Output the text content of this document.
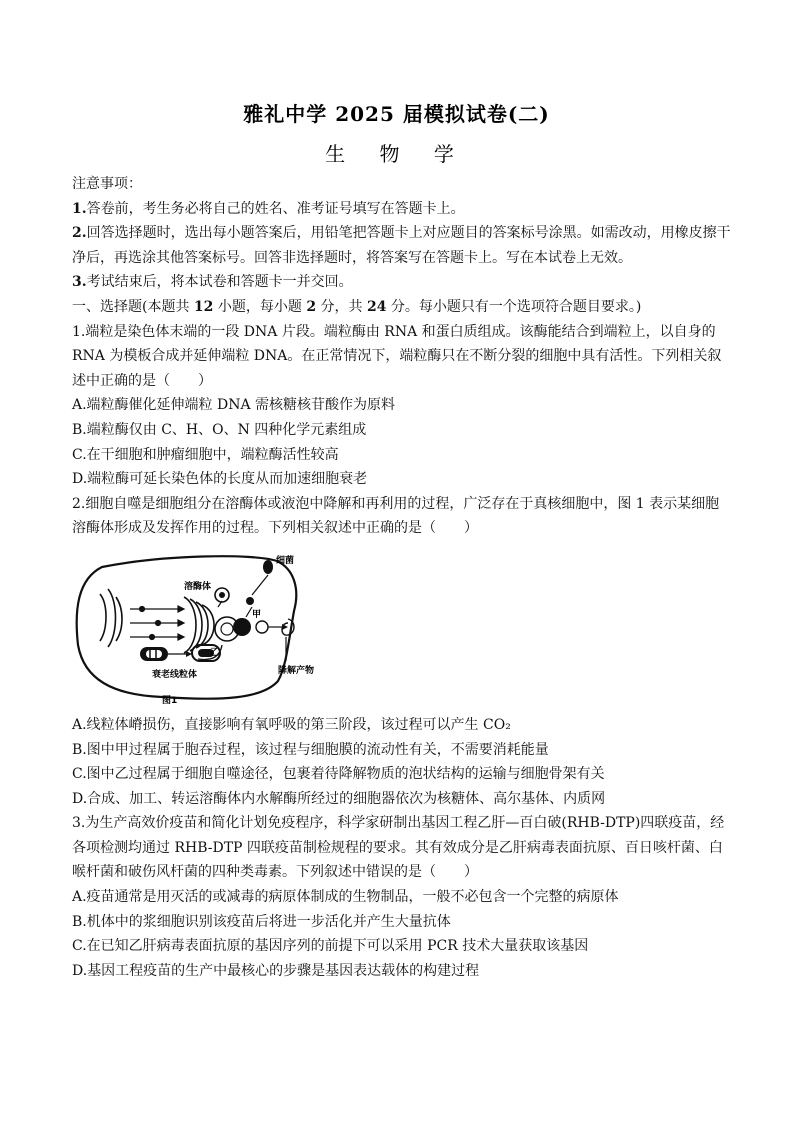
雅礼中学 2025 届模拟试卷(二)
生 物 学

注意事项：

1.答卷前，考生务必将自己的姓名、准考证号填写在答题卡上。

2.回答选择题时，选出每小题答案后，用铅笔把答题卡上对应题目的答案标号涂黑。如需改动，用橡皮擦干净后，再选涂其他答案标号。回答非选择题时，将答案写在答题卡上。写在本试卷上无效。

3.考试结束后，将本试卷和答题卡一并交回。

一、选择题(本题共 12 小题，每小题 2 分，共 24 分。每小题只有一个选项符合题目要求。)

1.端粒是染色体末端的一段 DNA 片段。端粒酶由 RNA 和蛋白质组成。该酶能结合到端粒上，以自身的 RNA 为模板合成并延伸端粒 DNA。在正常情况下，端粒酶只在不断分裂的细胞中具有活性。下列相关叙述中正确的是（　　）

A.端粒酶催化延伸端粒 DNA 需核糖核苷酸作为原料

B.端粒酶仅由 C、H、O、N 四种化学元素组成

C.在干细胞和肿瘤细胞中，端粒酶活性较高

D.端粒酶可延长染色体的长度从而加速细胞衰老

2.细胞自噬是细胞组分在溶酶体或液泡中降解和再利用的过程，广泛存在于真核细胞中，图 1 表示某细胞溶酶体形成及发挥作用的过程。下列相关叙述中正确的是（　　）

溶酶体
细菌
甲
乙
降解产物
衰老线粒体
图1

A.线粒体嵴损伤，直接影响有氧呼吸的第三阶段，该过程可以产生 CO₂

B.图中甲过程属于胞吞过程，该过程与细胞膜的流动性有关，不需要消耗能量

C.图中乙过程属于细胞自噬途径，包裹着待降解物质的泡状结构的运输与细胞骨架有关

D.合成、加工、转运溶酶体内水解酶所经过的细胞器依次为核糖体、高尔基体、内质网

3.为生产高效价疫苗和简化计划免疫程序，科学家研制出基因工程乙肝—百白破(RHB-DTP)四联疫苗，经各项检测均通过 RHB-DTP 四联疫苗制检规程的要求。其有效成分是乙肝病毒表面抗原、百日咳杆菌、白喉杆菌和破伤风杆菌的四种类毒素。下列叙述中错误的是（　　）

A.疫苗通常是用灭活的或减毒的病原体制成的生物制品，一般不必包含一个完整的病原体

B.机体中的浆细胞识别该疫苗后将进一步活化并产生大量抗体

C.在已知乙肝病毒表面抗原的基因序列的前提下可以采用 PCR 技术大量获取该基因

D.基因工程疫苗的生产中最核心的步骤是基因表达载体的构建过程
